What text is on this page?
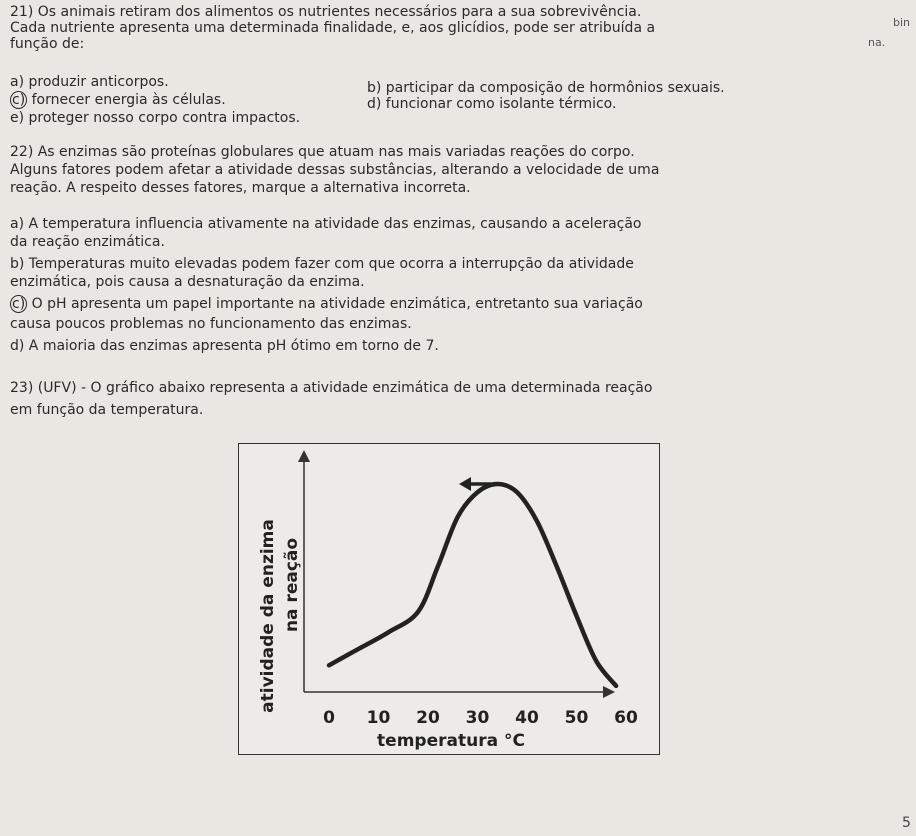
21) Os animais retiram dos alimentos os nutrientes necessários para a sua sobrevivência.
Cada nutriente apresenta uma determinada finalidade, e, aos glicídios, pode ser atribuída a
função de:
bin
na.
a) produzir anticorpos.	b) participar da composição de hormônios sexuais.
c) fornecer energia às células.	d) funcionar como isolante térmico.
e) proteger nosso corpo contra impactos.
22) As enzimas são proteínas globulares que atuam nas mais variadas reações do corpo.
Alguns fatores podem afetar a atividade dessas substâncias, alterando a velocidade de uma
reação. A respeito desses fatores, marque a alternativa incorreta.
a) A temperatura influencia ativamente na atividade das enzimas, causando a aceleração
da reação enzimática.
b) Temperaturas muito elevadas podem fazer com que ocorra a interrupção da atividade
enzimática, pois causa a desnaturação da enzima.
c) O pH apresenta um papel importante na atividade enzimática, entretanto sua variação
causa poucos problemas no funcionamento das enzimas.
d) A maioria das enzimas apresenta pH ótimo em torno de 7.
23) (UFV) - O gráfico abaixo representa a atividade enzimática de uma determinada reação
em função da temperatura.
atividade da enzima na reação
temperatura °C
0 10 20 30 40 50 60
5
